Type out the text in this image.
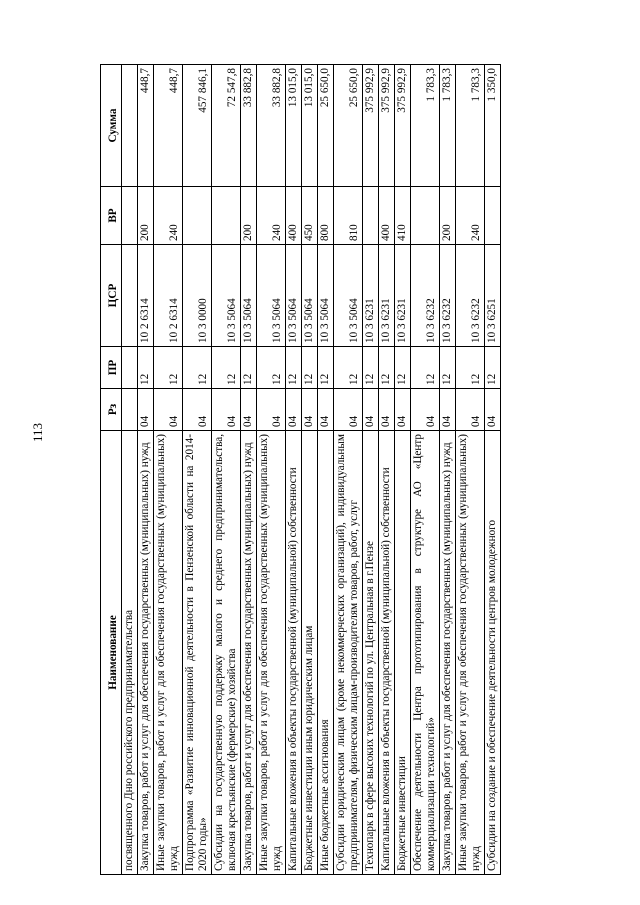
113
Наименование	Рз	ПР	ЦСР	ВР	Сумма
посвященного Дню российского предпринимательства					
Закупка товаров, работ и услуг для обеспечения государственных (муниципальных) нужд	04	12	10 2 6314	200	448,7
Иные закупки товаров, работ и услуг для обеспечения государственных (муниципальных) нужд	04	12	10 2 6314	240	448,7
Подпрограмма «Развитие инновационной деятельности в Пензенской области на 2014-2020 годы»	04	12	10 3 0000		457 846,1
Субсидии на государственную поддержку малого и среднего предпринимательства, включая крестьянские (фермерские) хозяйства	04	12	10 3 5064		72 547,8
Закупка товаров, работ и услуг для обеспечения государственных (муниципальных) нужд	04	12	10 3 5064	200	33 882,8
Иные закупки товаров, работ и услуг для обеспечения государственных (муниципальных) нужд	04	12	10 3 5064	240	33 882,8
Капитальные вложения в объекты государственной (муниципальной) собственности	04	12	10 3 5064	400	13 015,0
Бюджетные инвестиции иным юридическим лицам	04	12	10 3 5064	450	13 015,0
Иные бюджетные ассигнования	04	12	10 3 5064	800	25 650,0
Субсидии юридическим лицам (кроме некоммерческих организаций), индивидуальным предпринимателям, физическим лицам-производителям товаров, работ, услуг	04	12	10 3 5064	810	25 650,0
Технопарк в сфере высоких технологий по ул. Центральная в г.Пензе	04	12	10 3 6231		375 992,9
Капитальные вложения в объекты государственной (муниципальной) собственности	04	12	10 3 6231	400	375 992,9
Бюджетные инвестиции	04	12	10 3 6231	410	375 992,9
Обеспечение деятельности Центра прототипирования в структуре АО «Центр коммерциализации технологий»	04	12	10 3 6232		1 783,3
Закупка товаров, работ и услуг для обеспечения государственных (муниципальных) нужд	04	12	10 3 6232	200	1 783,3
Иные закупки товаров, работ и услуг для обеспечения государственных (муниципальных) нужд	04	12	10 3 6232	240	1 783,3
Субсидии на создание и обеспечение деятельности центров молодежного	04	12	10 3 6251		1 350,0
